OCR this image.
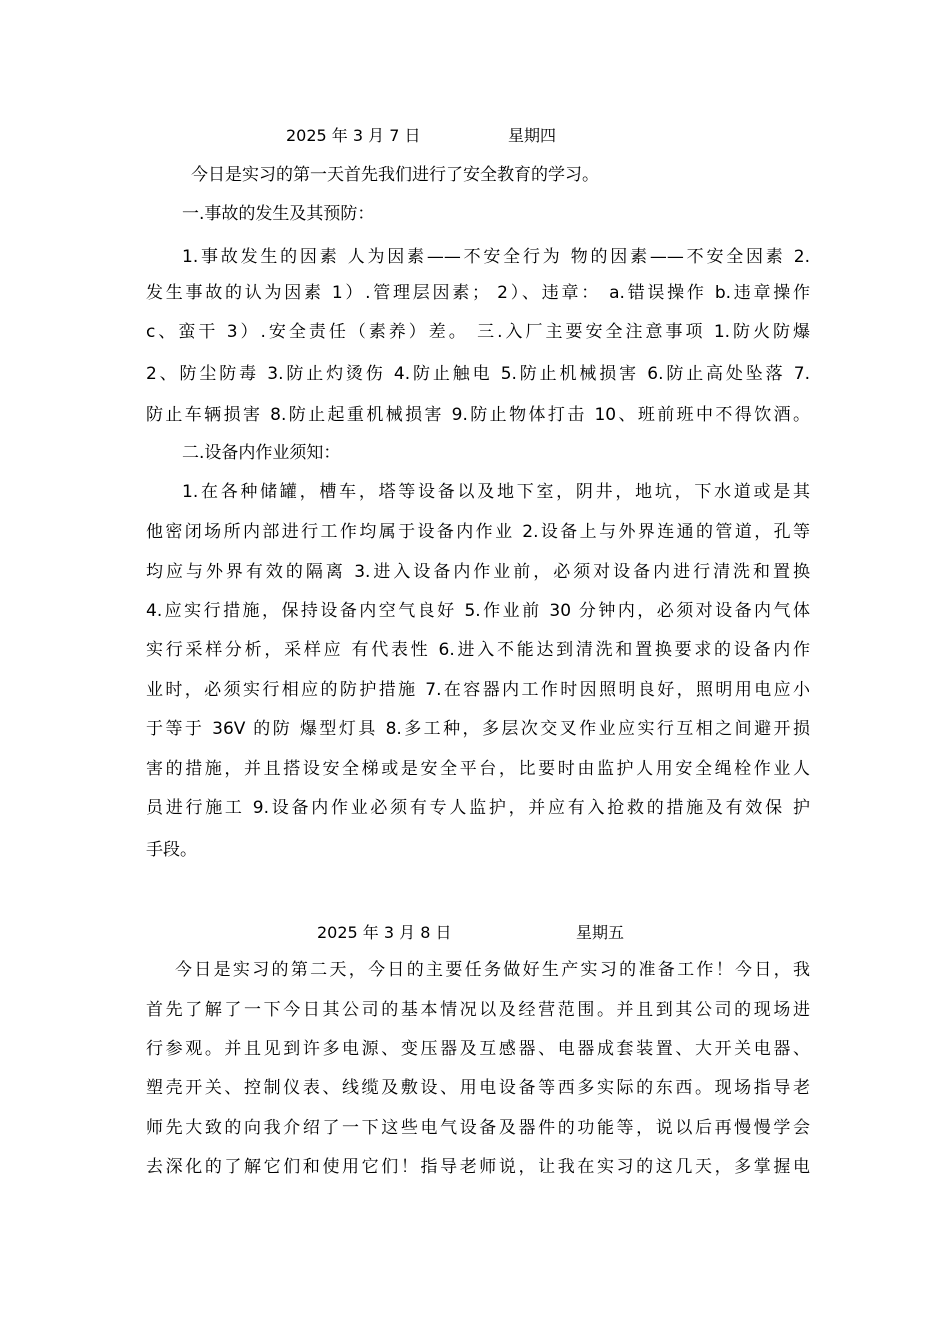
2025 年 3 月 7 日	星期四
今日是实习的第一天首先我们进行了安全教育的学习。
一.事故的发生及其预防：
1.事故发生的因素 人为因素——不安全行为 物的因素——不安全因素 2.
发生事故的认为因素 1）.管理层因素； 2）、违章： a.错误操作 b.违章操作
c、蛮干 3）.安全责任（素养）差。 三.入厂主要安全注意事项 1.防火防爆
2、防尘防毒 3.防止灼烫伤 4.防止触电 5.防止机械损害 6.防止高处坠落 7.
防止车辆损害 8.防止起重机械损害 9.防止物体打击 10、班前班中不得饮酒。
二.设备内作业须知：
1.在各种储罐，槽车，塔等设备以及地下室，阴井，地坑，下水道或是其
他密闭场所内部进行工作均属于设备内作业 2.设备上与外界连通的管道，孔等
均应与外界有效的隔离 3.进入设备内作业前，必须对设备内进行清洗和置换
4.应实行措施，保持设备内空气良好 5.作业前 30 分钟内，必须对设备内气体
实行采样分析，采样应 有代表性 6.进入不能达到清洗和置换要求的设备内作
业时，必须实行相应的防护措施 7.在容器内工作时因照明良好，照明用电应小
于等于 36V 的防 爆型灯具 8.多工种，多层次交叉作业应实行互相之间避开损
害的措施，并且搭设安全梯或是安全平台，比要时由监护人用安全绳栓作业人
员进行施工 9.设备内作业必须有专人监护，并应有入抢救的措施及有效保 护
手段。
2025 年 3 月 8 日	星期五
今日是实习的第二天，今日的主要任务做好生产实习的准备工作！今日，我
首先了解了一下今日其公司的基本情况以及经营范围。并且到其公司的现场进
行参观。并且见到许多电源、变压器及互感器、电器成套装置、大开关电器、
塑壳开关、控制仪表、线缆及敷设、用电设备等西多实际的东西。现场指导老
师先大致的向我介绍了一下这些电气设备及器件的功能等，说以后再慢慢学会
去深化的了解它们和使用它们！指导老师说，让我在实习的这几天，多掌握电
